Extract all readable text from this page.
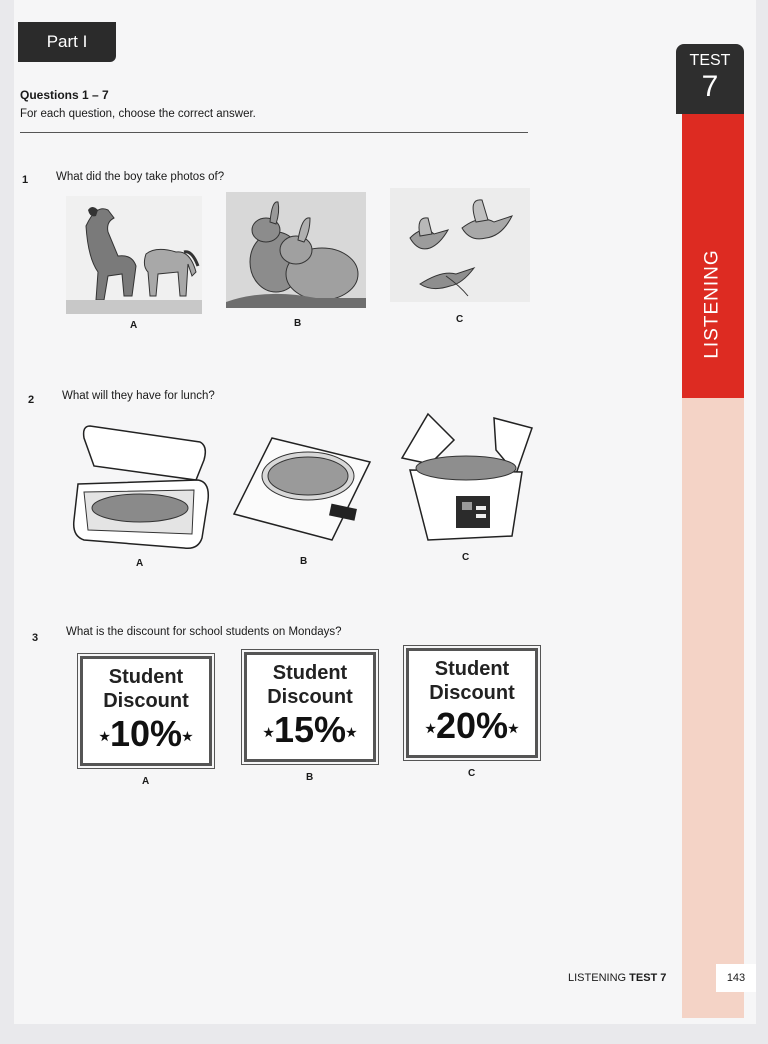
Part I
Questions 1 – 7
For each question, choose the correct answer.
1 What did the boy take photos of?
A	B	C
2 What will they have for lunch?
A	B	C
3 What is the discount for school students on Mondays?
Student
Discount
★10%★
A
Student
Discount
★15%★
B
Student
Discount
★20%★
C
TEST
7
LISTENING
LISTENING TEST 7	143
